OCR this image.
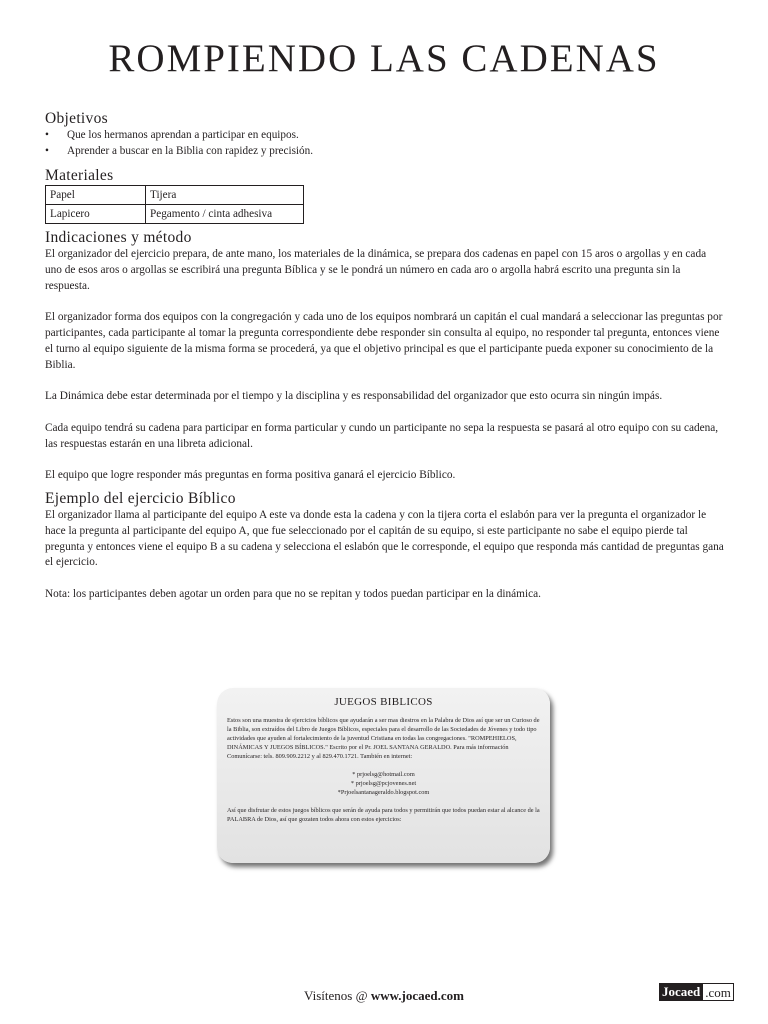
ROMPIENDO LAS CADENAS
Objetivos
• Que los hermanos aprendan a participar en equipos.
• Aprender a buscar en la Biblia con rapidez y precisión.
Materiales
Papel	Tijera
Lapicero	Pegamento / cinta adhesiva
Indicaciones y método

El organizador del ejercicio prepara, de ante mano, los materiales de la dinámica, se prepara dos cadenas en papel con 15 aros o argollas y en cada uno de esos aros o argollas se escribirá una pregunta Bíblica y se le pondrá un número en cada aro o argolla habrá escrito una pregunta sin la respuesta.

El organizador forma dos equipos con la congregación y cada uno de los equipos nombrará un capitán el cual mandará a seleccionar las preguntas por participantes, cada participante al tomar la pregunta correspondiente debe responder sin consulta al equipo, no responder tal pregunta, entonces viene el turno al equipo siguiente de la misma forma se procederá, ya que el objetivo principal es que el participante pueda exponer su conocimiento de la Biblia.

La Dinámica debe estar determinada por el tiempo y la disciplina y es responsabilidad del organizador que esto ocurra sin ningún impás.

Cada equipo tendrá su cadena para participar en forma particular y cundo un participante no sepa la respuesta se pasará al otro equipo con su cadena, las respuestas estarán en una libreta adicional.

El equipo que logre responder más preguntas en forma positiva ganará el ejercicio Bíblico.

Ejemplo del ejercicio Bíblico

El organizador llama al participante del equipo A este va donde esta la cadena y con la tijera corta el eslabón para ver la pregunta el organizador le hace la pregunta al participante del equipo A, que fue seleccionado por el capitán de su equipo, si este participante no sabe el equipo pierde tal pregunta y entonces viene el equipo B a su cadena y selecciona el eslabón que le corresponde, el equipo que responda más cantidad de preguntas gana el ejercicio.

Nota: los participantes deben agotar un orden para que no se repitan y todos puedan participar en la dinámica.

JUEGOS BIBLICOS

Estos son una muestra de ejercicios bíblicos que ayudarán a ser mas diestros en la Palabra de Dios así que ser un Curioso de la Biblia, son extraídos del Libro de Juegos Bíblicos, especiales para el desarrollo de las Sociedades de Jóvenes y todo tipo actividades que ayuden al fortalecimiento de la juventud Cristiana en todas las congregaciones. "ROMPEHIELOS, DINÁMICAS Y JUEGOS BÍBLICOS." Escrito por el Pr. JOEL SANTANA GERALDO. Para más información Comunícarse: tels. 809.909.2212 y al 829.470.1721. También en internet:

* prjoelsg@hotmail.com

* prjoelsg@pcjovenes.net

*Prjoelsantanageraldo.blogspot.com

Así que disfrutar de estos juegos bíblicos que serán de ayuda para todos y permitirán que todos puedan estar al alcance de la PALABRA de Dios, así que gozaten todos ahora con estos ejercicios:

Visítenos @ www.jocaed.com	Jocaed .com
